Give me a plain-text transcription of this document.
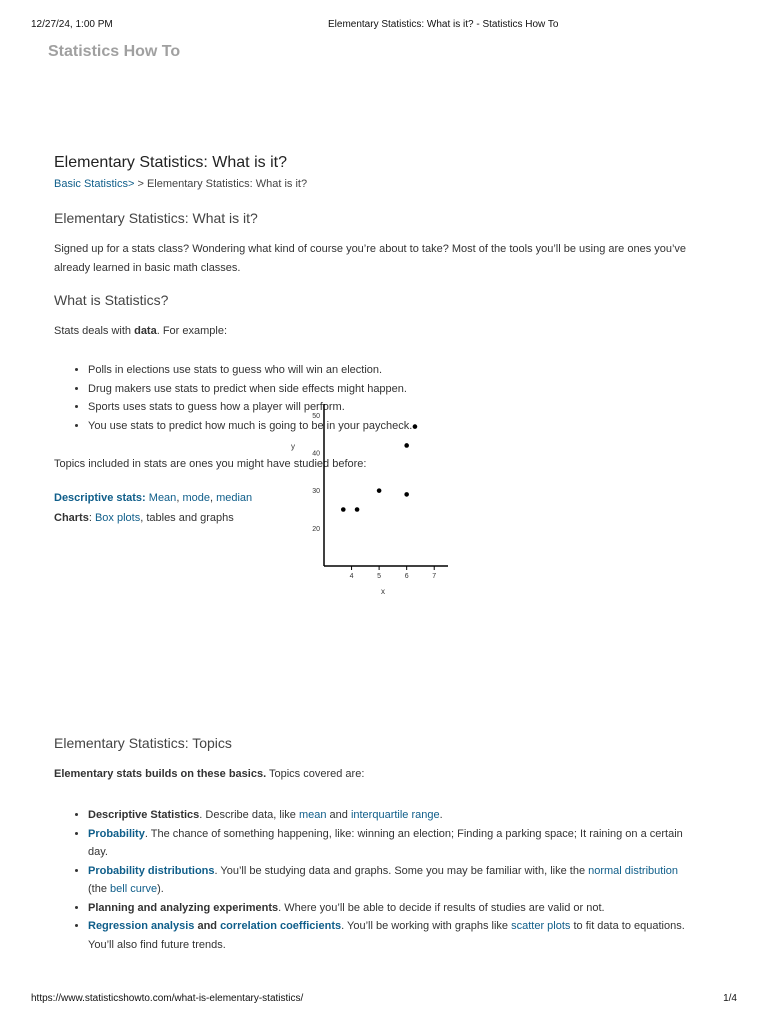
12/27/24, 1:00 PM	Elementary Statistics: What is it? - Statistics How To
Statistics How To
Elementary Statistics: What is it?
Basic Statistics> > Elementary Statistics: What is it?
Elementary Statistics: What is it?

Signed up for a stats class? Wondering what kind of course you’re about to take? Most of the tools you’ll be using are ones you’ve
already learned in basic math classes.

What is Statistics?

Stats deals with data. For example:

• Polls in elections use stats to guess who will win an election.
• Drug makers use stats to predict when side effects might happen.
• Sports uses stats to guess how a player will perform.
• You use stats to predict how much is going to be in your paycheck.

Topics included in stats are ones you might have studied before:

Descriptive stats: Mean, mode, median
Charts: Box plots, tables and graphs
Elementary Statistics: Topics

Elementary stats builds on these basics. Topics covered are:

• Descriptive Statistics. Describe data, like mean and interquartile range.
• Probability. The chance of something happening, like: winning an election; Finding a parking space; It raining on a certain
day.
• Probability distributions. You’ll be studying data and graphs. Some you may be familiar with, like the normal distribution
(the bell curve).
• Planning and analyzing experiments. Where you’ll be able to decide if results of studies are valid or not.
• Regression analysis and correlation coefficients. You’ll be working with graphs like scatter plots to fit data to equations.
You’ll also find future trends.
4	5	6	7
50
40
30
20
x
y
https://www.statisticshowto.com/what-is-elementary-statistics/	1/4
